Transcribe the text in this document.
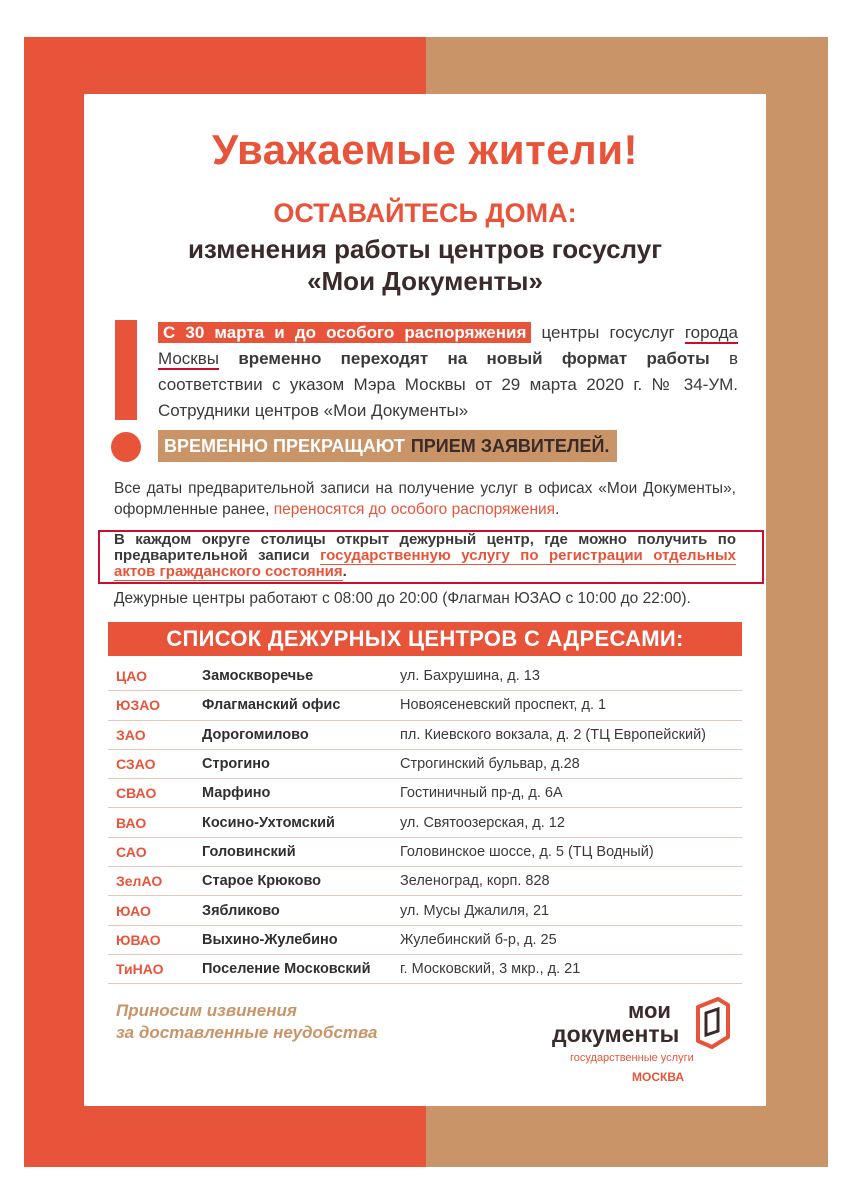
Уважаемые жители!
ОСТАВАЙТЕСЬ ДОМА:
изменения работы центров госуслуг
«Мои Документы»
С 30 марта и до особого распоряжения центры госуслуг города Москвы временно переходят на новый формат работы в соответствии с указом Мэра Москвы от 29 марта 2020 г. № 34-УМ. Сотрудники центров «Мои Документы»
ВРЕМЕННО ПРЕКРАЩАЮТ ПРИЕМ ЗАЯВИТЕЛЕЙ.
Все даты предварительной записи на получение услуг в офисах «Мои Документы», оформленные ранее, переносятся до особого распоряжения.
В каждом округе столицы открыт дежурный центр, где можно получить по предварительной записи государственную услугу по регистрации отдельных актов гражданского состояния.
Дежурные центры работают с 08:00 до 20:00 (Флагман ЮЗАО с 10:00 до 22:00).
СПИСОК ДЕЖУРНЫХ ЦЕНТРОВ С АДРЕСАМИ:
ЦАО	Замоскворечье	ул. Бахрушина, д. 13
ЮЗАО	Флагманский офис	Новоясеневский проспект, д. 1
ЗАО	Дорогомилово	пл. Киевского вокзала, д. 2 (ТЦ Европейский)
СЗАО	Строгино	Строгинский бульвар, д.28
СВАО	Марфино	Гостиничный пр-д, д. 6А
ВАО	Косино-Ухтомский	ул. Святоозерская, д. 12
САО	Головинский	Головинское шоссе, д. 5 (ТЦ Водный)
ЗелАО	Старое Крюково	Зеленоград, корп. 828
ЮАО	Зябликово	ул. Мусы Джалиля, 21
ЮВАО	Выхино-Жулебино	Жулебинский б-р, д. 25
ТиНАО	Поселение Московский	г. Московский, 3 мкр., д. 21
Приносим извинения
за доставленные неудобства
мои
документы
государственные услуги
МОСКВА
